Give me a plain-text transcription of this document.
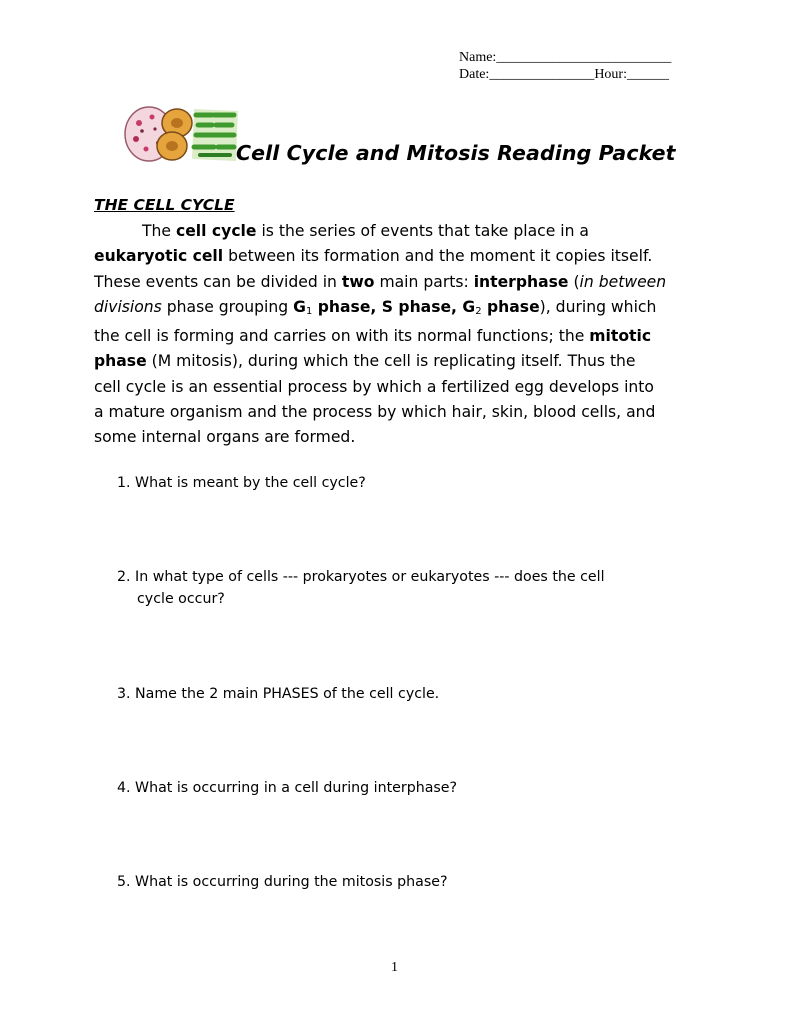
Name:_________________________
Date:_______________Hour:______
Cell Cycle and Mitosis Reading Packet
THE CELL CYCLE

The cell cycle is the series of events that take place in a
eukaryotic cell between its formation and the moment it copies itself.
These events can be divided in two main parts: interphase (in between
divisions phase grouping $G_1$ phase, S phase, $G_2$ phase), during which
the cell is forming and carries on with its normal functions; the mitotic
phase (M mitosis), during which the cell is replicating itself. Thus the
cell cycle is an essential process by which a fertilized egg develops into
a mature organism and the process by which hair, skin, blood cells, and
some internal organs are formed.

1. What is meant by the cell cycle?
2. In what type of cells --- prokaryotes or eukaryotes --- does the cell
cycle occur?
3. Name the 2 main PHASES of the cell cycle.
4. What is occurring in a cell during interphase?
5. What is occurring during the mitosis phase?
1
